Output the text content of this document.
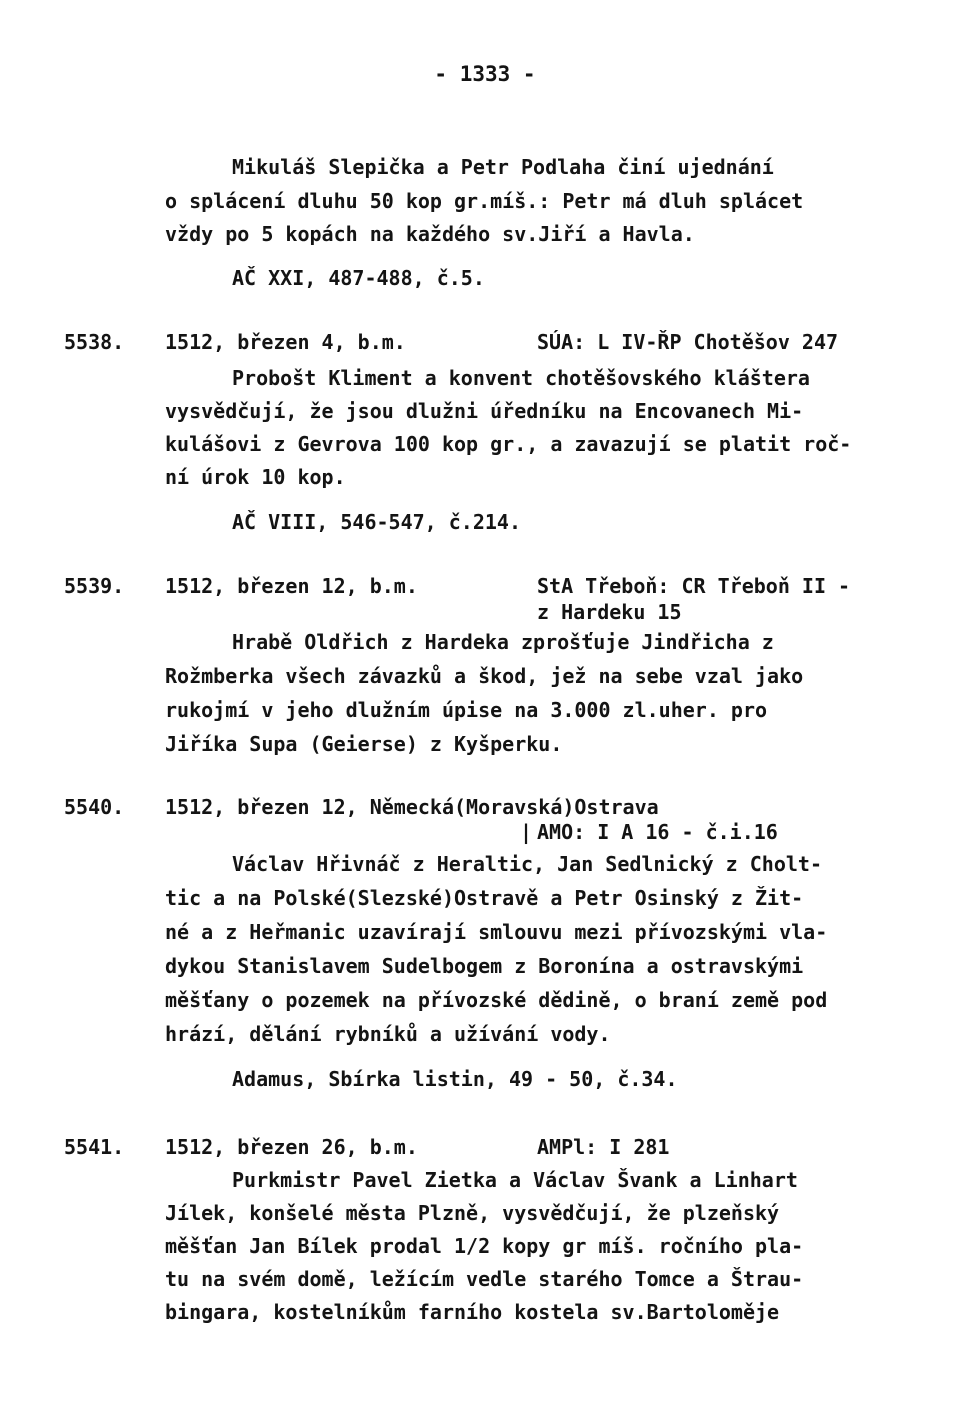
- 1333 -
Mikuláš Slepička a Petr Podlaha činí ujednání
o splácení dluhu 50 kop gr.míš.: Petr má dluh splácet
vždy po 5 kopách na každého sv.Jiří a Havla.
AČ XXI, 487-488, č.5.
5538. 1512, březen 4, b.m.	SÚA: L IV-ŘP Chotěšov 247
Probošt Kliment a konvent chotěšovského kláštera
vysvědčují, že jsou dlužni úředníku na Encovanech Mi-
kulášovi z Gevrova 100 kop gr., a zavazují se platit roč-
ní úrok 10 kop.
AČ VIII, 546-547, č.214.
5539. 1512, březen 12, b.m.	StA Třeboň: CR Třeboň II -
z Hardeku 15
Hrabě Oldřich z Hardeka zprošťuje Jindřicha z
Rožmberka všech závazků a škod, jež na sebe vzal jako
rukojmí v jeho dlužním úpise na 3.000 zl.uher. pro
Jiříka Supa (Geierse) z Kyšperku.
5540. 1512, březen 12, Německá(Moravská)Ostrava
| AMO: I A 16 - č.i.16
Václav Hřivnáč z Heraltic, Jan Sedlnický z Cholt-
tic a na Polské(Slezské)Ostravě a Petr Osinský z Žit-
né a z Heřmanic uzavírají smlouvu mezi přívozskými vla-
dykou Stanislavem Sudelbogem z Boronína a ostravskými
měšťany o pozemek na přívozské dědině, o braní země pod
hrází, dělání rybníků a užívání vody.
Adamus, Sbírka listin, 49 - 50, č.34.
5541. 1512, březen 26, b.m.	AMPl: I 281
Purkmistr Pavel Zietka a Václav Švank a Linhart
Jílek, konšelé města Plzně, vysvědčují, že plzeňský
měšťan Jan Bílek prodal 1/2 kopy gr míš. ročního pla-
tu na svém domě, ležícím vedle starého Tomce a Štrau-
bingara, kostelníkům farního kostela sv.Bartoloměje
